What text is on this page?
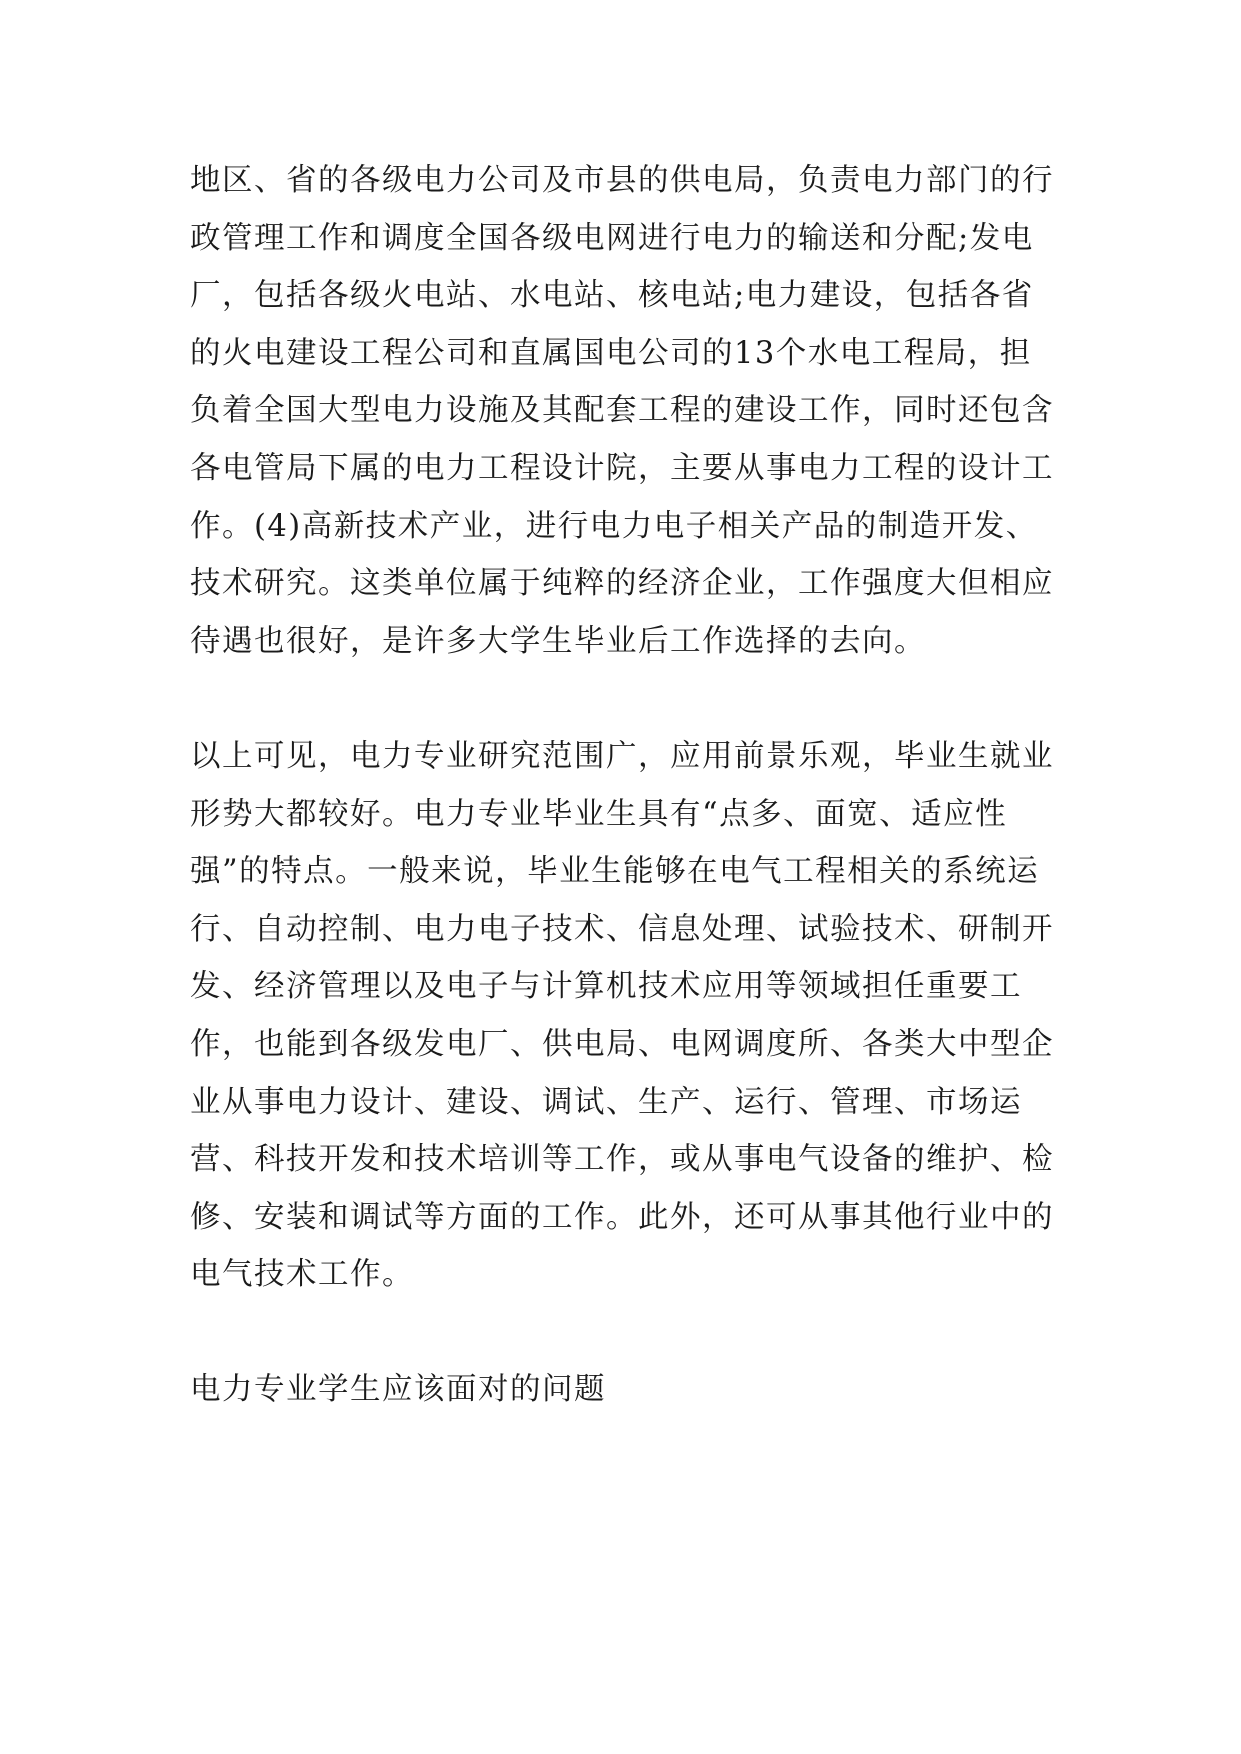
地区、省的各级电力公司及市县的供电局，负责电力部门的行政管理工作和调度全国各级电网进行电力的输送和分配;发电厂，包括各级火电站、水电站、核电站;电力建设，包括各省的火电建设工程公司和直属国电公司的13个水电工程局，担负着全国大型电力设施及其配套工程的建设工作，同时还包含各电管局下属的电力工程设计院，主要从事电力工程的设计工作。(4)高新技术产业，进行电力电子相关产品的制造开发、技术研究。这类单位属于纯粹的经济企业，工作强度大但相应待遇也很好，是许多大学生毕业后工作选择的去向。

以上可见，电力专业研究范围广，应用前景乐观，毕业生就业形势大都较好。电力专业毕业生具有“点多、面宽、适应性强”的特点。一般来说，毕业生能够在电气工程相关的系统运行、自动控制、电力电子技术、信息处理、试验技术、研制开发、经济管理以及电子与计算机技术应用等领域担任重要工作，也能到各级发电厂、供电局、电网调度所、各类大中型企业从事电力设计、建设、调试、生产、运行、管理、市场运营、科技开发和技术培训等工作，或从事电气设备的维护、检修、安装和调试等方面的工作。此外，还可从事其他行业中的电气技术工作。

电力专业学生应该面对的问题
